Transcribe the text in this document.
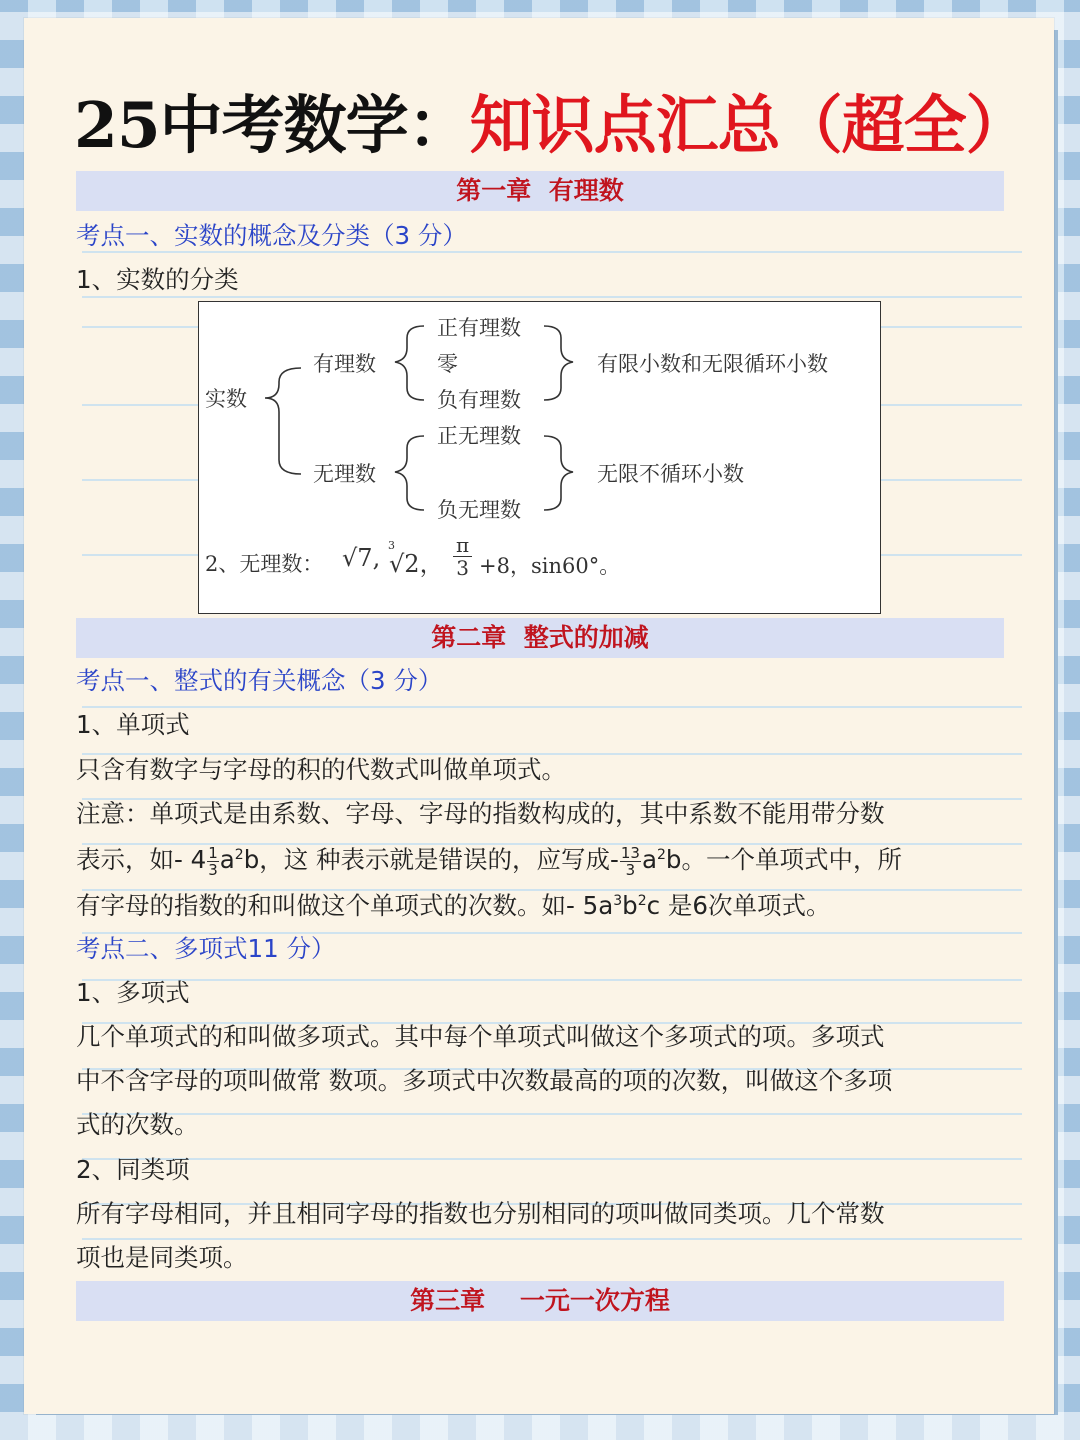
25中考数学：知识点汇总（超全）
第一章  有理数
考点一、实数的概念及分类（3 分）
1、实数的分类
实数
有理数
无理数
正有理数
零
负有理数
正无理数
负无理数
有限小数和无限循环小数
无限不循环小数
2、无理数： √7, 3
√2， $\frac{\pi}{3} +8$，sin60°。
第二章  整式的加减
考点一、整式的有关概念（3 分）
1、单项式
只含有数字与字母的积的代数式叫做单项式。
注意：单项式是由系数、字母、字母的指数构成的，其中系数不能用带分数
表示，如- $4 \frac{1}{3} a^2b$，这 种表示就是错误的，应写成- $\frac{13}{3} a^2b$。一个单项式中，所
有字母的指数的和叫做这个单项式的次数。如- $5a^3b^2c$ 是6次单项式。
考点二、多项式11 分）
1、多项式
几个单项式的和叫做多项式。其中每个单项式叫做这个多项式的项。多项式
中不含字母的项叫做常 数项。多项式中次数最高的项的次数，叫做这个多项
式的次数。
2、同类项
所有字母相同，并且相同字母的指数也分别相同的项叫做同类项。几个常数
项也是同类项。
第三章    一元一次方程
